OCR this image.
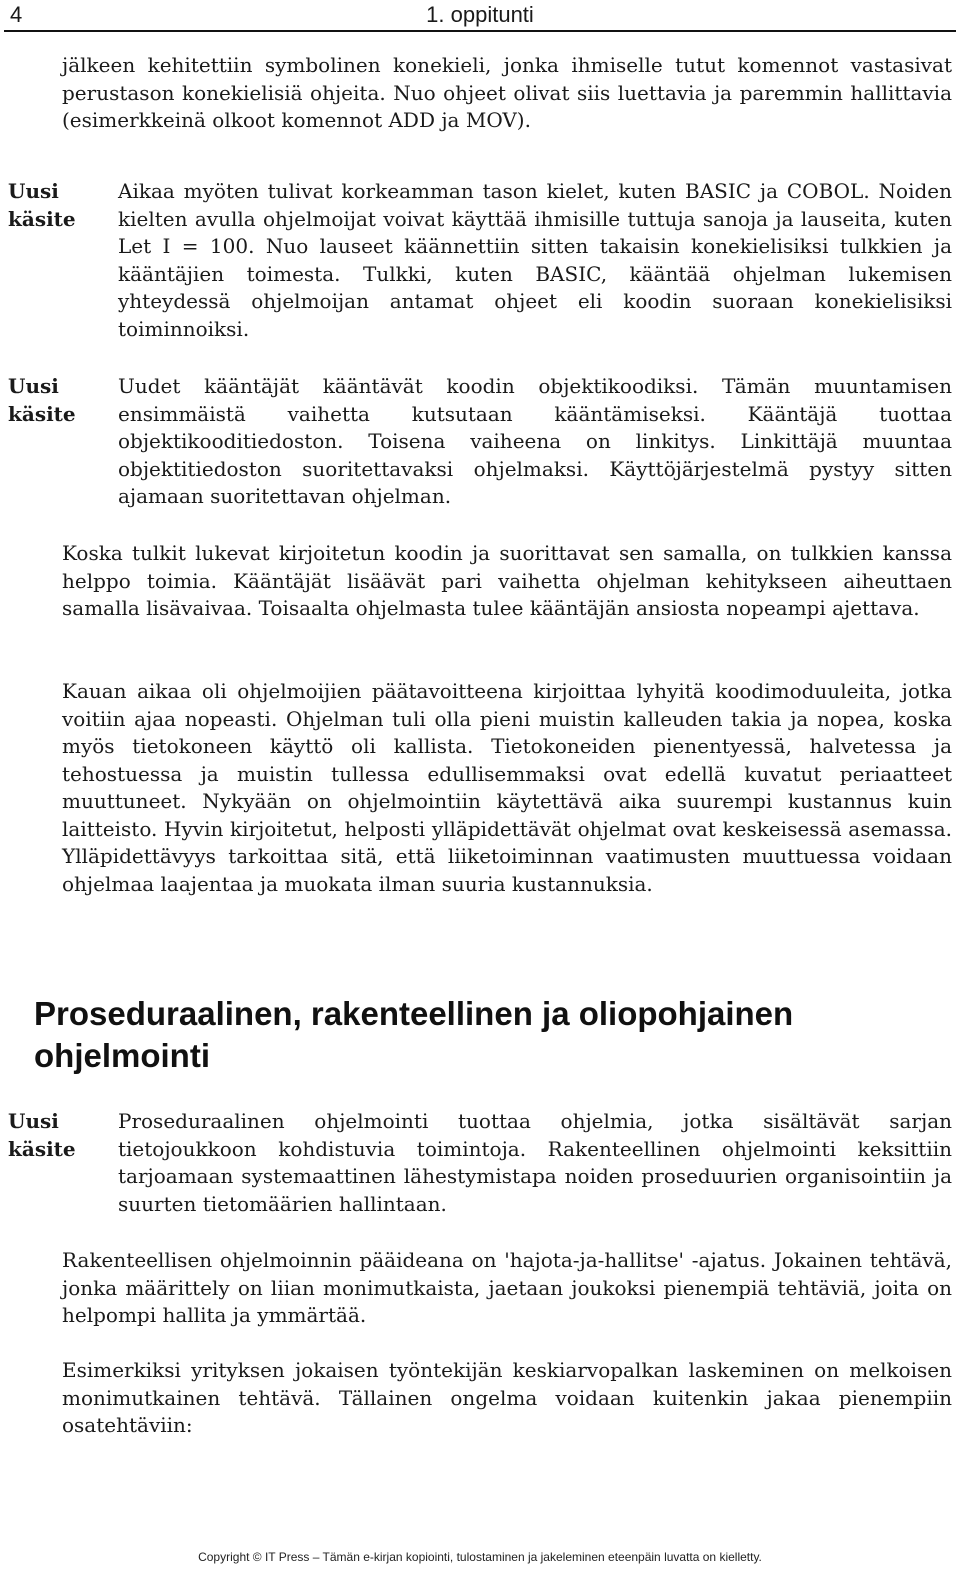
4	1. oppitunti

jälkeen kehitettiin symbolinen konekieli, jonka ihmiselle tutut komennot vastasivat perustason konekielisiä ohjeita. Nuo ohjeet olivat siis luettavia ja paremmin hallittavia (esimerkkeinä olkoot komennot ADD ja MOV).

Uusi
käsite

Aikaa myöten tulivat korkeamman tason kielet, kuten BASIC ja COBOL. Noiden kielten avulla ohjelmoijat voivat käyttää ihmisille tuttuja sanoja ja lauseita, kuten Let I = 100. Nuo lauseet käännettiin sitten takaisin konekielisiksi tulkkien ja kääntäjien toimesta. Tulkki, kuten BASIC, kääntää ohjelman lukemisen yhteydessä ohjelmoijan antamat ohjeet eli koodin suoraan konekielisiksi toiminnoiksi.

Uusi
käsite

Uudet kääntäjät kääntävät koodin objektikoodiksi. Tämän muuntamisen ensimmäistä vaihetta kutsutaan kääntämiseksi. Kääntäjä tuottaa objektikooditiedoston. Toisena vaiheena on linkitys. Linkittäjä muuntaa objektitiedoston suoritettavaksi ohjelmaksi. Käyttöjärjestelmä pystyy sitten ajamaan suoritettavan ohjelman.

Koska tulkit lukevat kirjoitetun koodin ja suorittavat sen samalla, on tulkkien kanssa helppo toimia. Kääntäjät lisäävät pari vaihetta ohjelman kehitykseen aiheuttaen samalla lisävaivaa. Toisaalta ohjelmasta tulee kääntäjän ansiosta nopeampi ajettava.

Kauan aikaa oli ohjelmoijien päätavoitteena kirjoittaa lyhyitä koodimoduuleita, jotka voitiin ajaa nopeasti. Ohjelman tuli olla pieni muistin kalleuden takia ja nopea, koska myös tietokoneen käyttö oli kallista. Tietokoneiden pienentyessä, halvetessa ja tehostuessa ja muistin tullessa edullisemmaksi ovat edellä kuvatut periaatteet muuttuneet. Nykyään on ohjelmointiin käytettävä aika suurempi kustannus kuin laitteisto. Hyvin kirjoitetut, helposti ylläpidettävät ohjelmat ovat keskeisessä asemassa. Ylläpidettävyys tarkoittaa sitä, että liiketoiminnan vaatimusten muuttuessa voidaan ohjelmaa laajentaa ja muokata ilman suuria kustannuksia.

Proseduraalinen, rakenteellinen ja oliopohjainen ohjelmointi
Uusi
käsite

Proseduraalinen ohjelmointi tuottaa ohjelmia, jotka sisältävät sarjan tietojoukkoon kohdistuvia toimintoja. Rakenteellinen ohjelmointi keksittiin tarjoamaan systemaattinen lähestymistapa noiden proseduurien organisointiin ja suurten tietomäärien hallintaan.

Rakenteellisen ohjelmoinnin pääideana on 'hajota-ja-hallitse' -ajatus. Jokainen tehtävä, jonka määrittely on liian monimutkaista, jaetaan joukoksi pienempiä tehtäviä, joita on helpompi hallita ja ymmärtää.

Esimerkiksi yrityksen jokaisen työntekijän keskiarvopalkan laskeminen on melkoisen monimutkainen tehtävä. Tällainen ongelma voidaan kuitenkin jakaa pienempiin osatehtäviin:

Copyright © IT Press – Tämän e-kirjan kopiointi, tulostaminen ja jakeleminen eteenpäin luvatta on kielletty.
